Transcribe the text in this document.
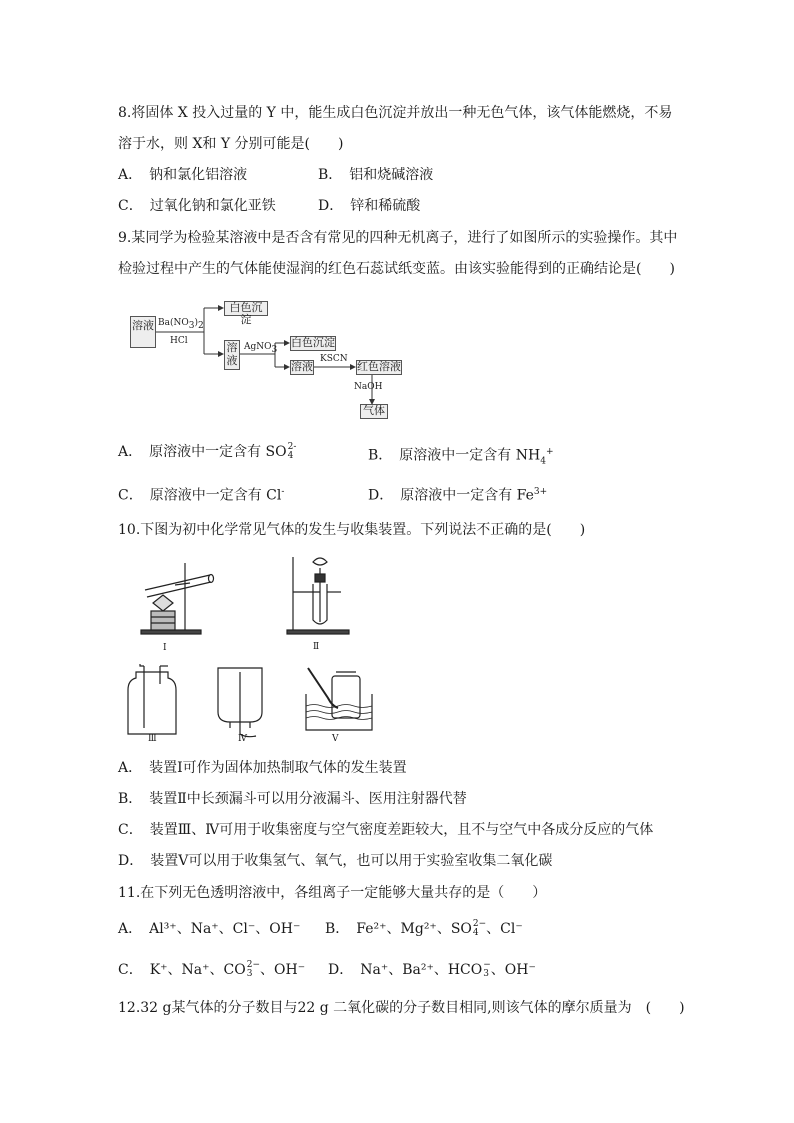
8.将固体 X 投入过量的 Y 中，能生成白色沉淀并放出一种无色气体，该气体能燃烧，不易
溶于水，则 X和 Y 分别可能是(　　)
A．　钠和氯化铝溶液	B．　铝和烧碱溶液
C．　过氧化钠和氯化亚铁	D．　锌和稀硫酸
9.某同学为检验某溶液中是否含有常见的四种无机离子，进行了如图所示的实验操作。其中
检验过程中产生的气体能使湿润的红色石蕊试纸变蓝。由该实验能得到的正确结论是(　　)
溶液 $Ba(NO_3)_2$
HCl
白色沉淀
溶液
AgNO$_3$
白色沉淀
溶液
KSCN
红色溶液
NaOH
气体
A．　原溶液中一定含有 SO2-
4	B．　原溶液中一定含有 $NH_4^+$
C．　原溶液中一定含有 Cl-	D．　原溶液中一定含有 $Fe^{3+}$
10.下图为初中化学常见气体的发生与收集装置。下列说法不正确的是(　　)
Ⅰ	Ⅱ
Ⅲ	Ⅳ	Ⅴ
A．　装置Ⅰ可作为固体加热制取气体的发生装置
B．　装置Ⅱ中长颈漏斗可以用分液漏斗、医用注射器代替
C．　装置Ⅲ、Ⅳ可用于收集密度与空气密度差距较大，且不与空气中各成分反应的气体
D．　装置Ⅴ可以用于收集氢气、氧气，也可以用于实验室收集二氧化碳
11.在下列无色透明溶液中，各组离子一定能够大量共存的是（　　）
A．　Al³⁺、Na⁺、Cl⁻、OH⁻ B．　Fe²⁺、Mg²⁺、SO2−
4 、Cl⁻
C．　K⁺、Na⁺、CO2−
3 、OH⁻ D．　Na⁺、Ba²⁺、HCO−
3 、OH⁻
12.32 g某气体的分子数目与22 g 二氧化碳的分子数目相同,则该气体的摩尔质量为　(　　)
